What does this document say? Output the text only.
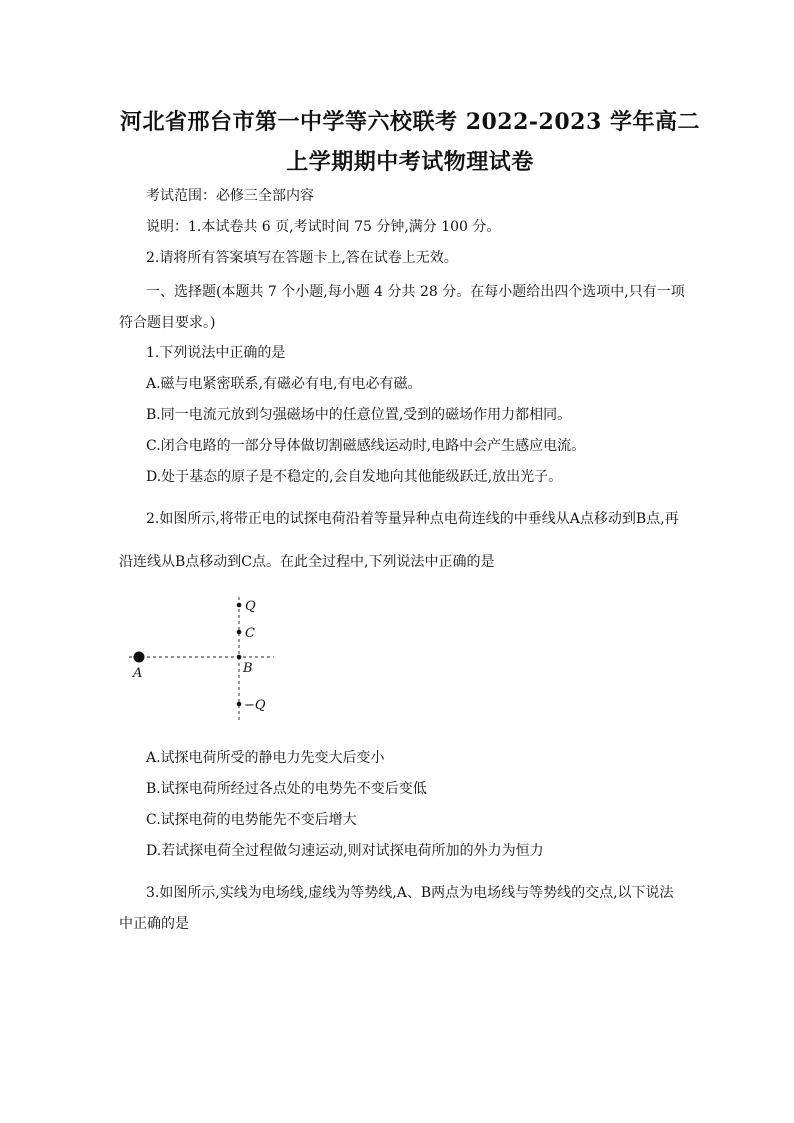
河北省邢台市第一中学等六校联考 2022-2023 学年高二
上学期期中考试物理试卷
考试范围：必修三全部内容
说明：1.本试卷共 6 页,考试时间 75 分钟,满分 100 分。
2.请将所有答案填写在答题卡上,答在试卷上无效。
一、选择题(本题共 7 个小题,每小题 4 分共 28 分。在每小题给出四个选项中,只有一项
符合题目要求。)
1.下列说法中正确的是
A.磁与电紧密联系,有磁必有电,有电必有磁。
B.同一电流元放到匀强磁场中的任意位置,受到的磁场作用力都相同。
C.闭合电路的一部分导体做切割磁感线运动时,电路中会产生感应电流。
D.处于基态的原子是不稳定的,会自发地向其他能级跃迁,放出光子。
2.如图所示,将带正电的试探电荷沿着等量异种点电荷连线的中垂线从A点移动到B点,再
沿连线从B点移动到C点。在此全过程中,下列说法中正确的是
Q
C
B
A
−Q
A.试探电荷所受的静电力先变大后变小
B.试探电荷所经过各点处的电势先不变后变低
C.试探电荷的电势能先不变后增大
D.若试探电荷全过程做匀速运动,则对试探电荷所加的外力为恒力
3.如图所示,实线为电场线,虚线为等势线,A、B两点为电场线与等势线的交点,以下说法
中正确的是
